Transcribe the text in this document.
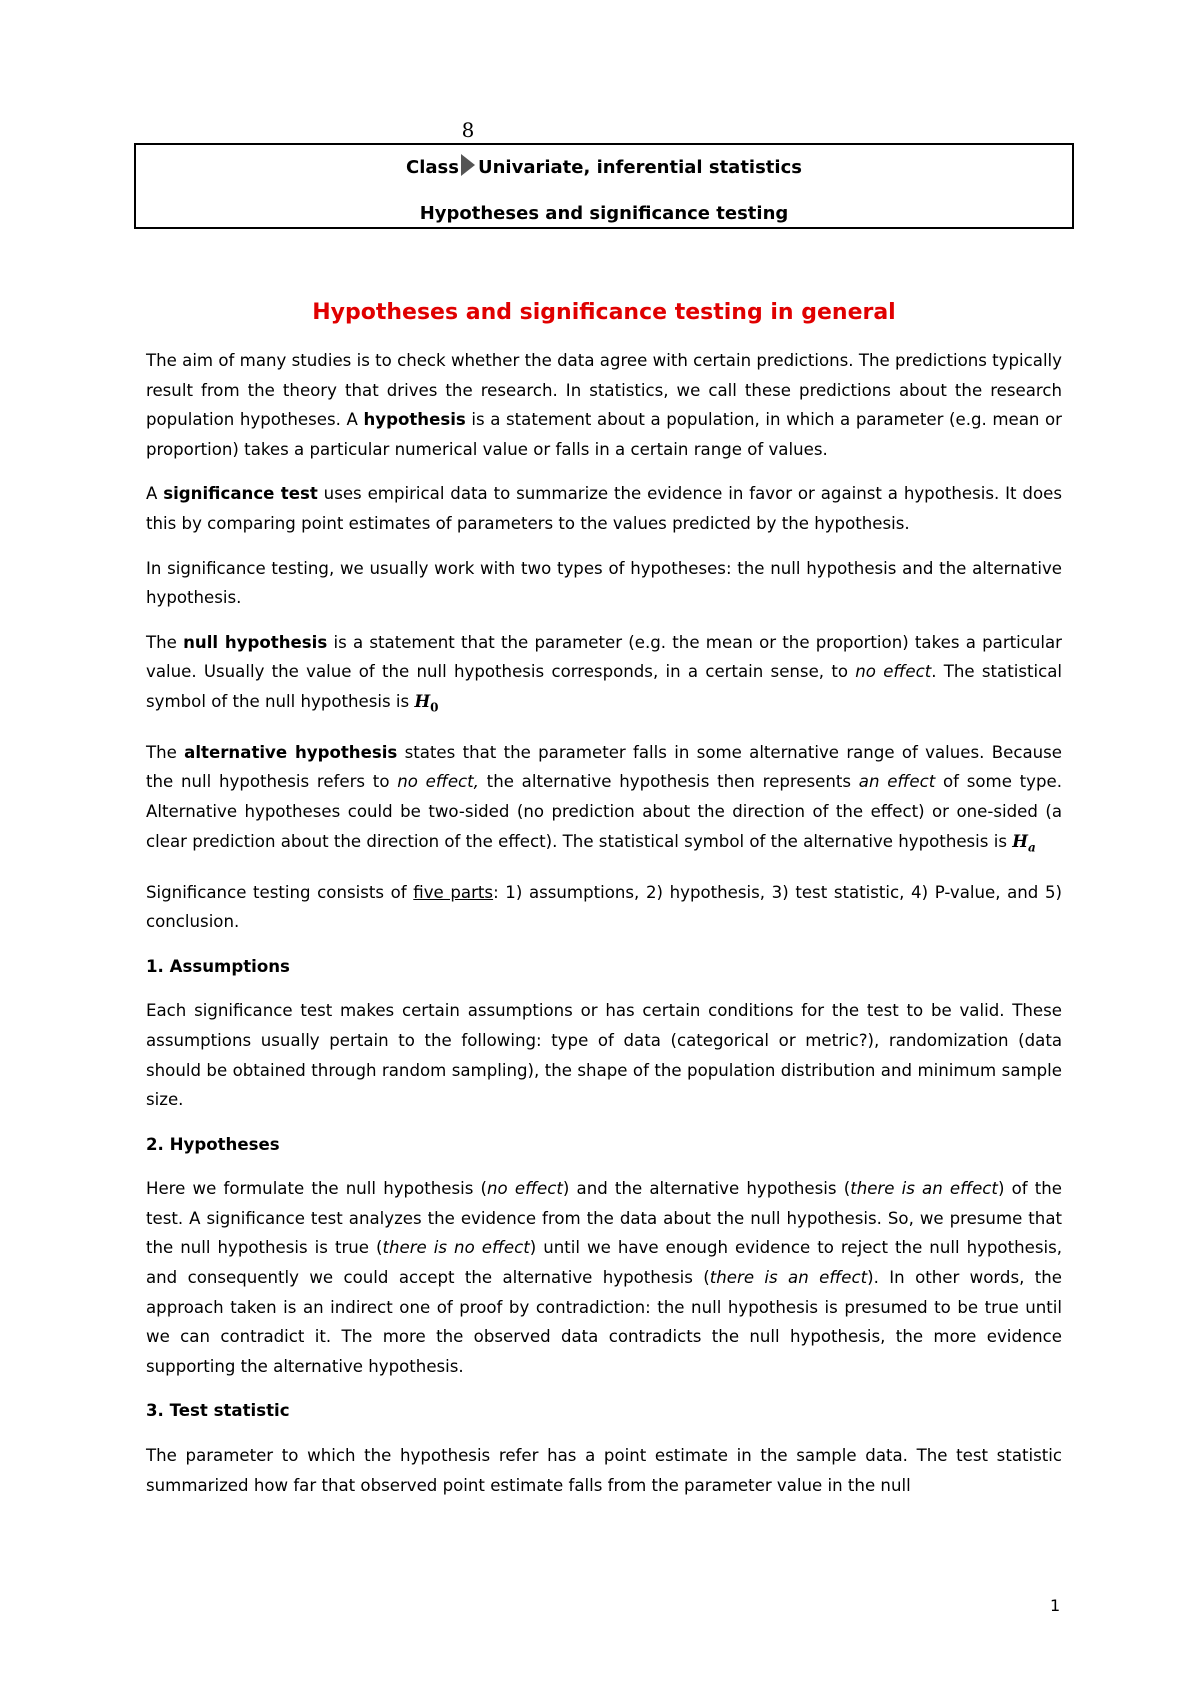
8
Class Univariate, inferential statistics
Hypotheses and significance testing
Hypotheses and significance testing in general

The aim of many studies is to check whether the data agree with certain predictions. The predictions typically result from the theory that drives the research. In statistics, we call these predictions about the research population hypotheses. A hypothesis is a statement about a population, in which a parameter (e.g. mean or proportion) takes a particular numerical value or falls in a certain range of values.

A significance test uses empirical data to summarize the evidence in favor or against a hypothesis. It does this by comparing point estimates of parameters to the values predicted by the hypothesis.

In significance testing, we usually work with two types of hypotheses: the null hypothesis and the alternative hypothesis.

The null hypothesis is a statement that the parameter (e.g. the mean or the proportion) takes a particular value. Usually the value of the null hypothesis corresponds, in a certain sense, to no effect. The statistical symbol of the null hypothesis is $H_0$

The alternative hypothesis states that the parameter falls in some alternative range of values. Because the null hypothesis refers to no effect, the alternative hypothesis then represents an effect of some type. Alternative hypotheses could be two-sided (no prediction about the direction of the effect) or one-sided (a clear prediction about the direction of the effect). The statistical symbol of the alternative hypothesis is $H_a$

Significance testing consists of five parts: 1) assumptions, 2) hypothesis, 3) test statistic, 4) P-value, and 5) conclusion.

1. Assumptions

Each significance test makes certain assumptions or has certain conditions for the test to be valid. These assumptions usually pertain to the following: type of data (categorical or metric?), randomization (data should be obtained through random sampling), the shape of the population distribution and minimum sample size.

2. Hypotheses

Here we formulate the null hypothesis (no effect) and the alternative hypothesis (there is an effect) of the test. A significance test analyzes the evidence from the data about the null hypothesis. So, we presume that the null hypothesis is true (there is no effect) until we have enough evidence to reject the null hypothesis, and consequently we could accept the alternative hypothesis (there is an effect). In other words, the approach taken is an indirect one of proof by contradiction: the null hypothesis is presumed to be true until we can contradict it. The more the observed data contradicts the null hypothesis, the more evidence supporting the alternative hypothesis.

3. Test statistic

The parameter to which the hypothesis refer has a point estimate in the sample data. The test statistic summarized how far that observed point estimate falls from the parameter value in the null

1
